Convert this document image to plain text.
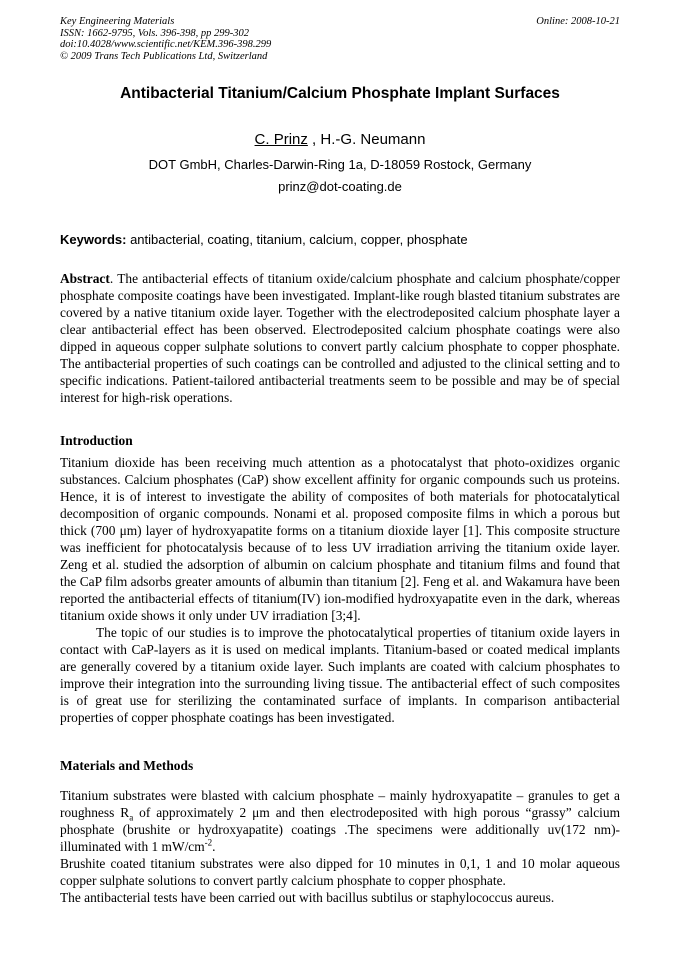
Key Engineering Materials
ISSN: 1662-9795, Vols. 396-398, pp 299-302
doi:10.4028/www.scientific.net/KEM.396-398.299
© 2009 Trans Tech Publications Ltd, Switzerland
Online: 2008-10-21
Antibacterial Titanium/Calcium Phosphate Implant Surfaces
C. Prinz , H.-G. Neumann
DOT GmbH, Charles-Darwin-Ring 1a, D-18059 Rostock, Germany
prinz@dot-coating.de
Keywords: antibacterial, coating, titanium, calcium, copper, phosphate

Abstract. The antibacterial effects of titanium oxide/calcium phosphate and calcium phosphate/copper phosphate composite coatings have been investigated. Implant-like rough blasted titanium substrates are covered by a native titanium oxide layer. Together with the electrodeposited calcium phosphate layer a clear antibacterial effect has been observed. Electrodeposited calcium phosphate coatings were also dipped in aqueous copper sulphate solutions to convert partly calcium phosphate to copper phosphate. The antibacterial properties of such coatings can be controlled and adjusted to the clinical setting and to specific indications. Patient-tailored antibacterial treatments seem to be possible and may be of special interest for high-risk operations.

Introduction

Titanium dioxide has been receiving much attention as a photocatalyst that photo-oxidizes organic substances. Calcium phosphates (CaP) show excellent affinity for organic compounds such us proteins. Hence, it is of interest to investigate the ability of composites of both materials for photocatalytical decomposition of organic compounds. Nonami et al. proposed composite films in which a porous but thick (700 μm) layer of hydroxyapatite forms on a titanium dioxide layer [1]. This composite structure was inefficient for photocatalysis because of to less UV irradiation arriving the titanium oxide layer. Zeng et al. studied the adsorption of albumin on calcium phosphate and titanium films and found that the CaP film adsorbs greater amounts of albumin than titanium [2]. Feng et al. and Wakamura have been reported the antibacterial effects of titanium(IV) ion-modified hydroxyapatite even in the dark, whereas titanium oxide shows it only under UV irradiation [3;4].

The topic of our studies is to improve the photocatalytical properties of titanium oxide layers in contact with CaP-layers as it is used on medical implants. Titanium-based or coated medical implants are generally covered by a titanium oxide layer. Such implants are coated with calcium phosphates to improve their integration into the surrounding living tissue. The antibacterial effect of such composites is of great use for sterilizing the contaminated surface of implants. In comparison antibacterial properties of copper phosphate coatings has been investigated.

Materials and Methods

Titanium substrates were blasted with calcium phosphate – mainly hydroxyapatite – granules to get a roughness $R_a$ of approximately 2 μm and then electrodeposited with high porous “grassy” calcium phosphate (brushite or hydroxyapatite) coatings .The specimens were additionally uv(172 nm)-illuminated with 1 $mW/cm^{-2}$.

Brushite coated titanium substrates were also dipped for 10 minutes in 0,1, 1 and 10 molar aqueous copper sulphate solutions to convert partly calcium phosphate to copper phosphate.

The antibacterial tests have been carried out with bacillus subtilus or staphylococcus aureus.
